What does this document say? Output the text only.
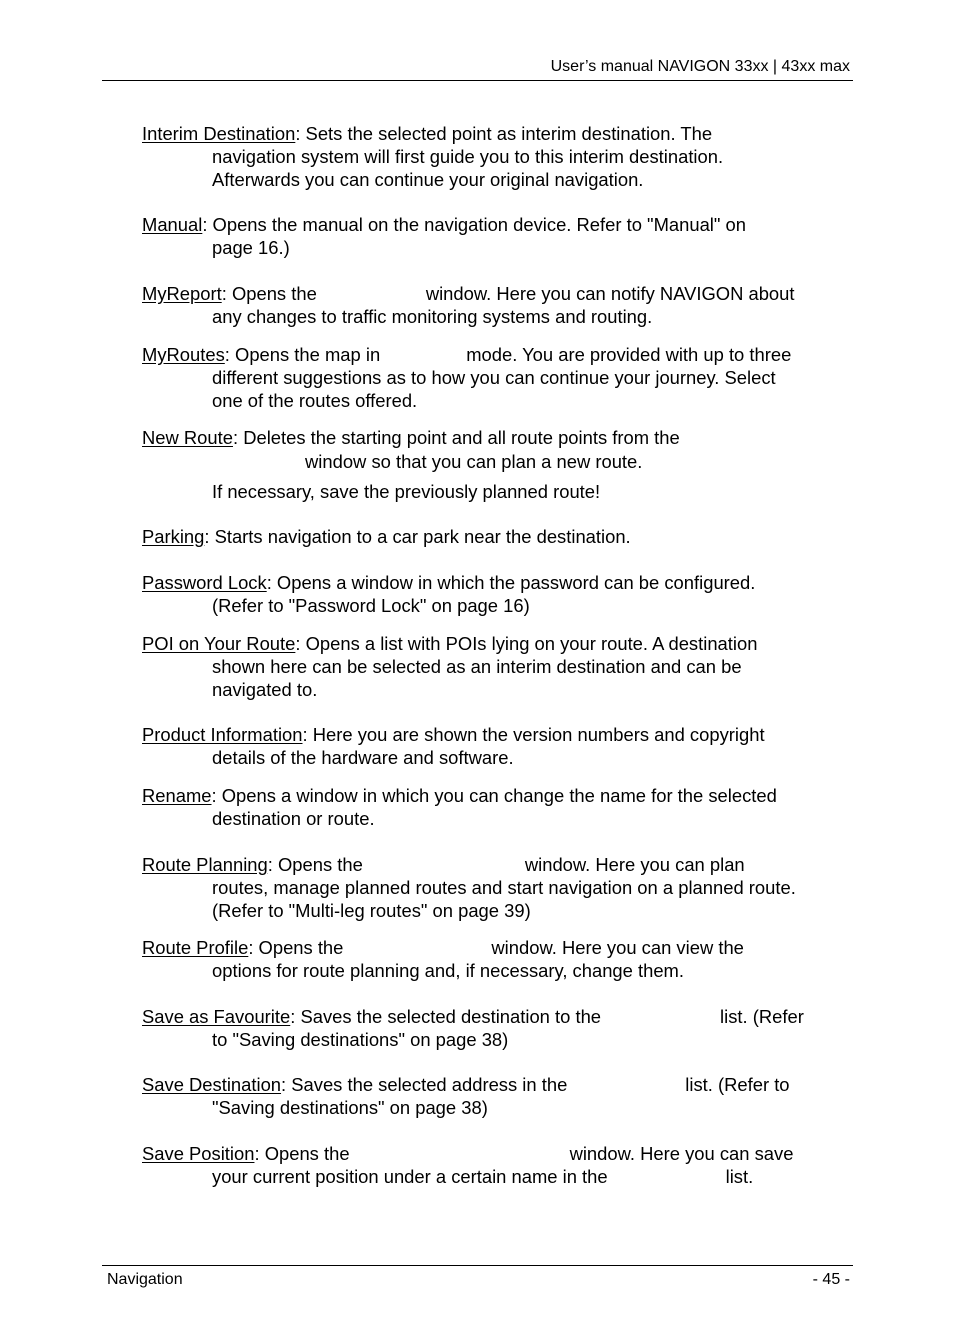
User’s manual NAVIGON 33xx | 43xx max
Interim Destination: Sets the selected point as interim destination. The
navigation system will first guide you to this interim destination.
Afterwards you can continue your original navigation.
Manual: Opens the manual on the navigation device. Refer to "Manual" on
page 16.)
MyReport: Opens the	window. Here you can notify NAVIGON about
any changes to traffic monitoring systems and routing.
MyRoutes: Opens the map in	mode. You are provided with up to three
different suggestions as to how you can continue your journey. Select
one of the routes offered.
New Route: Deletes the starting point and all route points from the
window so that you can plan a new route.
If necessary, save the previously planned route!
Parking: Starts navigation to a car park near the destination.
Password Lock: Opens a window in which the password can be configured.
(Refer to "Password Lock" on page 16)
POI on Your Route: Opens a list with POIs lying on your route. A destination
shown here can be selected as an interim destination and can be
navigated to.
Product Information: Here you are shown the version numbers and copyright
details of the hardware and software.
Rename: Opens a window in which you can change the name for the selected
destination or route.
Route Planning: Opens the	window. Here you can plan
routes, manage planned routes and start navigation on a planned route.
(Refer to "Multi-leg routes" on page 39)
Route Profile: Opens the	window. Here you can view the
options for route planning and, if necessary, change them.
Save as Favourite: Saves the selected destination to the	list. (Refer
to "Saving destinations" on page 38)
Save Destination: Saves the selected address in the	list. (Refer to
"Saving destinations" on page 38)
Save Position: Opens the	window. Here you can save
your current position under a certain name in the	list.
Navigation	- 45 -
